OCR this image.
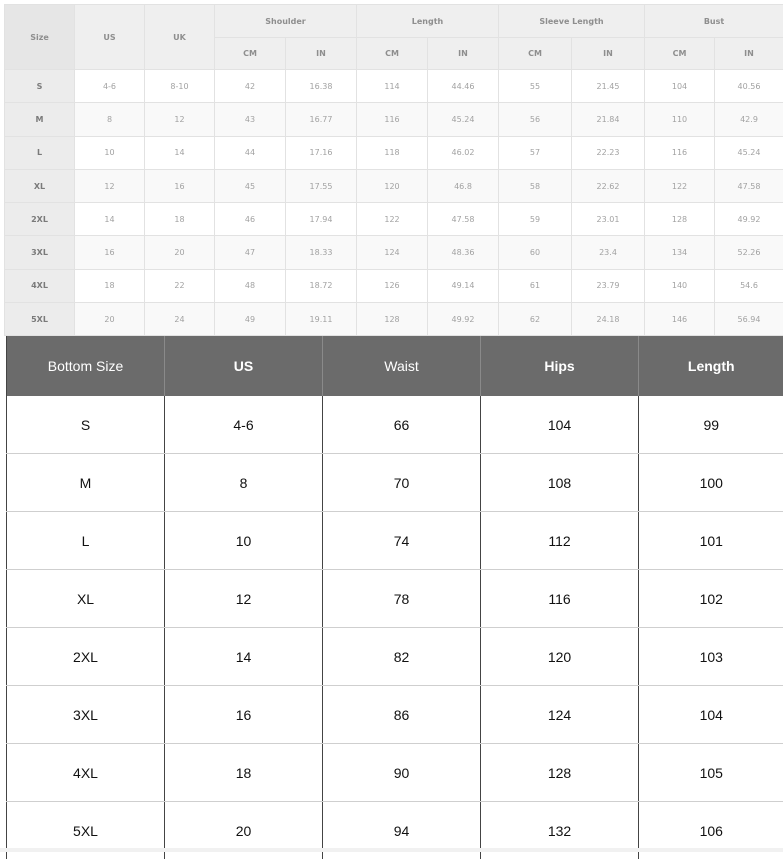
Size	US	UK	Shoulder		Length		Sleeve Length		Bust	
			CM	IN	CM	IN	CM	IN	CM	IN
S	4-6	8-10	42	16.38	114	44.46	55	21.45	104	40.56
M	8	12	43	16.77	116	45.24	56	21.84	110	42.9
L	10	14	44	17.16	118	46.02	57	22.23	116	45.24
XL	12	16	45	17.55	120	46.8	58	22.62	122	47.58
2XL	14	18	46	17.94	122	47.58	59	23.01	128	49.92
3XL	16	20	47	18.33	124	48.36	60	23.4	134	52.26
4XL	18	22	48	18.72	126	49.14	61	23.79	140	54.6
5XL	20	24	49	19.11	128	49.92	62	24.18	146	56.94
Bottom Size	US	Waist	Hips	Length
S	4-6	66	104	99
M	8	70	108	100
L	10	74	112	101
XL	12	78	116	102
2XL	14	82	120	103
3XL	16	86	124	104
4XL	18	90	128	105
5XL	20	94	132	106
